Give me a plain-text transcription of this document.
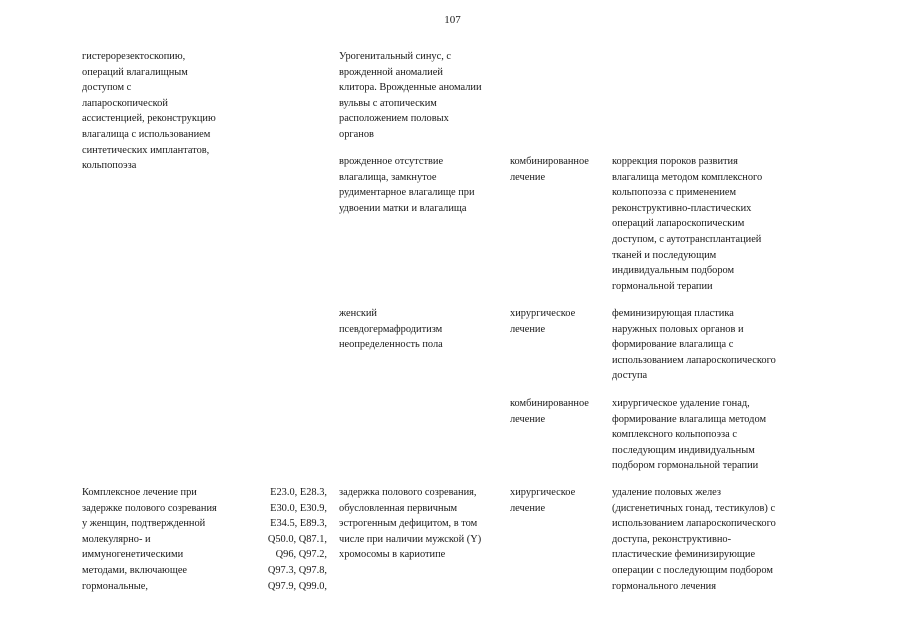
107
гистерорезектоскопию,
операций влагалищным
доступом с
лапароскопической
ассистенцией, реконструкцию
влагалища с использованием
синтетических имплантатов,
кольпопоэза
Урогенитальный синус, с
врожденной аномалией
клитора. Врожденные аномалии
вульвы с атопическим
расположением половых
органов
врожденное отсутствие
влагалища, замкнутое
рудиментарное влагалище при
удвоении матки и влагалища
комбинированное
лечение
коррекция пороков развития
влагалища методом комплексного
кольпопоэза с применением
реконструктивно-пластических
операций лапароскопическим
доступом, с аутотрансплантацией
тканей и последующим
индивидуальным подбором
гормональной терапии
женский
псевдогермафродитизм
неопределенность пола
хирургическое
лечение
феминизирующая пластика
наружных половых органов и
формирование влагалища с
использованием лапароскопического
доступа
комбинированное
лечение
хирургическое удаление гонад,
формирование влагалища методом
комплексного кольпопоэза с
последующим индивидуальным
подбором гормональной терапии
Комплексное лечение при
задержке полового созревания
у женщин, подтвержденной
молекулярно- и
иммуногенетическими
методами, включающее
гормональные,
E23.0, E28.3,
E30.0, E30.9,
E34.5, E89.3,
Q50.0, Q87.1,
Q96, Q97.2,
Q97.3, Q97.8,
Q97.9, Q99.0,
задержка полового созревания,
обусловленная первичным
эстрогенным дефицитом, в том
числе при наличии мужской (Y)
хромосомы в кариотипе
хирургическое
лечение
удаление половых желез
(дисгенетичных гонад, тестикулов) с
использованием лапароскопического
доступа, реконструктивно-
пластические феминизирующие
операции с последующим подбором
гормонального лечения
